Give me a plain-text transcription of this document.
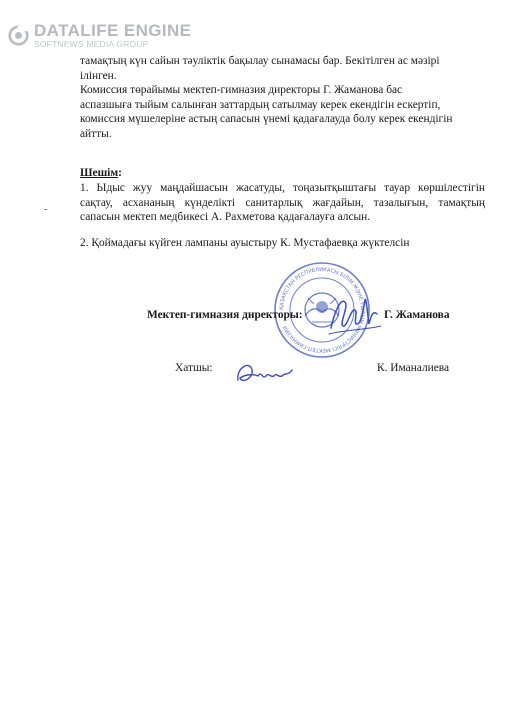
DATALIFE ENGINE
SOFTNEWS MEDIA GROUP
тамақтың күн сайын тәуліктік бақылау сынамасы бар. Бекітілген ас мәзірі
ілінген.
Комиссия төрайымы мектеп-гимназия директоры Г. Жаманова бас
аспазшыға тыйым салынған заттардың сатылмау керек екендігін ескертіп,
комиссия мүшелеріне астың сапасын үнемі қадағалауда болу керек екендігін
айтты.
Шешім:
-
1. Ыдыс жуу маңдайшасын жасатуды, тоңазытқыштағы тауар көршілестігін
сақтау, асхананың күнделікті санитарлық жағдайын, тазалығын, тамақтың
сапасын мектеп медбикесі А. Рахметова қадағалауға алсын.
2. Қоймадағы күйген лампаны ауыстыру К. Мустафаевқа жүктелсін
ҚАЗАҚСТАН РЕСПУБЛИКАСЫ БІЛІМ ЖӘНЕ ҒЫЛЫМ МИНИСТРЛІГІ МЕКТЕП-ГИМНАЗИЯ
Мектеп-гимназия директоры:	Г. Жаманова
Хатшы:	К. Иманалиева
